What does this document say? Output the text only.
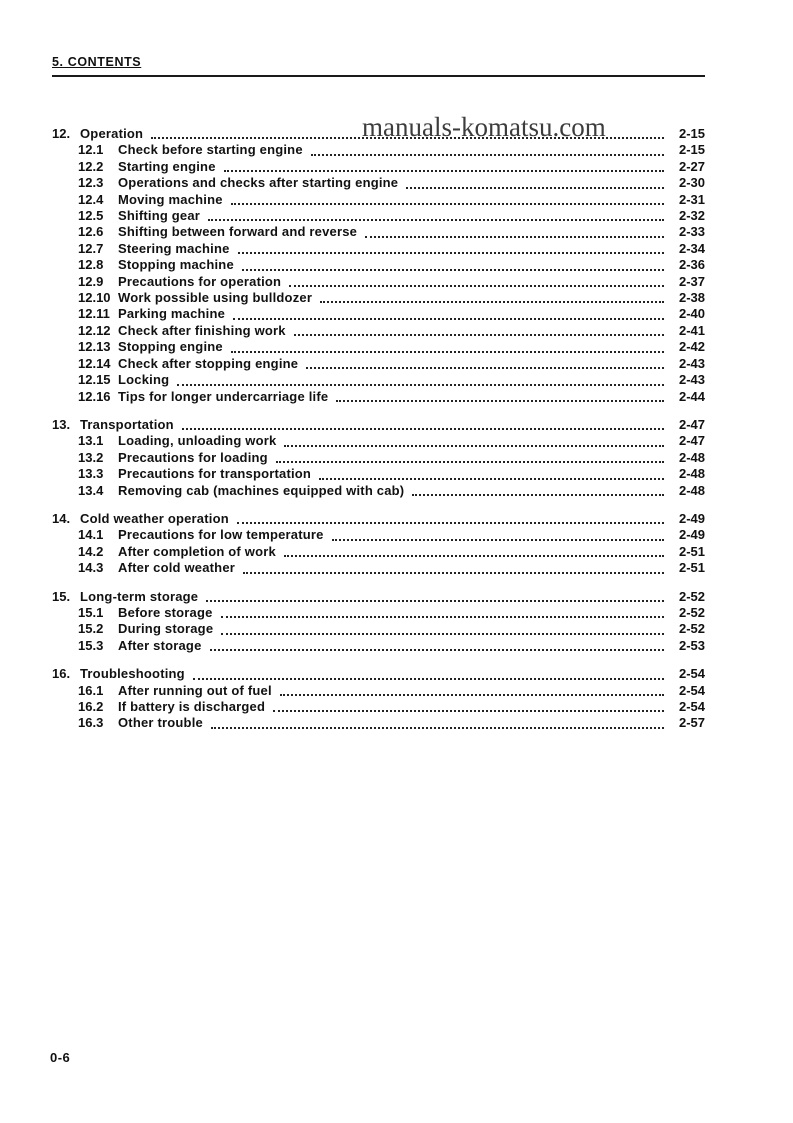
5. CONTENTS
manuals-komatsu.com
12. Operation	2-15
12.1	Check before starting engine	2-15
12.2	Starting engine	2-27
12.3	Operations and checks after starting engine	2-30
12.4	Moving machine	2-31
12.5	Shifting gear	2-32
12.6	Shifting between forward and reverse	2-33
12.7	Steering machine	2-34
12.8	Stopping machine	2-36
12.9	Precautions for operation	2-37
12.10 Work possible using bulldozer	2-38
12.11 Parking machine	2-40
12.12 Check after finishing work	2-41
12.13 Stopping engine	2-42
12.14 Check after stopping engine	2-43
12.15 Locking	2-43
12.16 Tips for longer undercarriage life	2-44
13. Transportation	2-47
13.1	Loading, unloading work	2-47
13.2	Precautions for loading	2-48
13.3	Precautions for transportation	2-48
13.4	Removing cab (machines equipped with cab)	2-48
14. Cold weather operation	2-49
14.1	Precautions for low temperature	2-49
14.2	After completion of work	2-51
14.3	After cold weather	2-51
15. Long-term storage	2-52
15.1	Before storage	2-52
15.2	During storage	2-52
15.3	After storage	2-53
16. Troubleshooting	2-54
16.1	After running out of fuel	2-54
16.2	If battery is discharged	2-54
16.3	Other trouble	2-57
0-6
